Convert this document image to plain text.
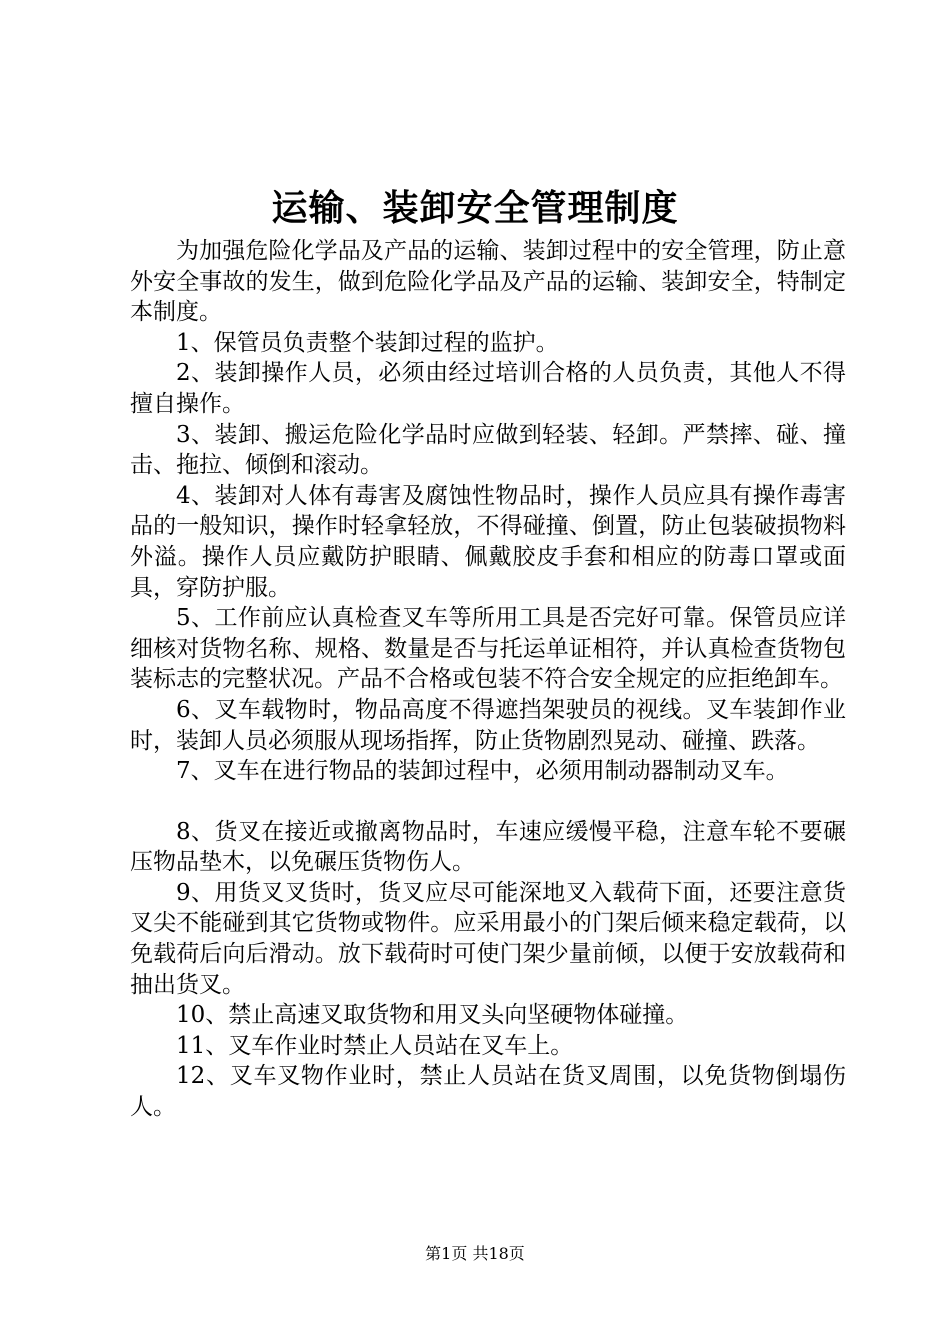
运输、装卸安全管理制度

为加强危险化学品及产品的运输、装卸过程中的安全管理，防止意外安全事故的发生，做到危险化学品及产品的运输、装卸安全，特制定本制度。

1、保管员负责整个装卸过程的监护。

2、装卸操作人员，必须由经过培训合格的人员负责，其他人不得擅自操作。

3、装卸、搬运危险化学品时应做到轻装、轻卸。严禁摔、碰、撞击、拖拉、倾倒和滚动。

4、装卸对人体有毒害及腐蚀性物品时，操作人员应具有操作毒害品的一般知识，操作时轻拿轻放，不得碰撞、倒置，防止包装破损物料外溢。操作人员应戴防护眼睛、佩戴胶皮手套和相应的防毒口罩或面具，穿防护服。

5、工作前应认真检查叉车等所用工具是否完好可靠。保管员应详细核对货物名称、规格、数量是否与托运单证相符，并认真检查货物包装标志的完整状况。产品不合格或包装不符合安全规定的应拒绝卸车。

6、叉车载物时，物品高度不得遮挡架驶员的视线。叉车装卸作业时，装卸人员必须服从现场指挥，防止货物剧烈晃动、碰撞、跌落。

7、叉车在进行物品的装卸过程中，必须用制动器制动叉车。

8、货叉在接近或撤离物品时，车速应缓慢平稳，注意车轮不要碾压物品垫木，以免碾压货物伤人。

9、用货叉叉货时，货叉应尽可能深地叉入载荷下面，还要注意货叉尖不能碰到其它货物或物件。应采用最小的门架后倾来稳定载荷，以免载荷后向后滑动。放下载荷时可使门架少量前倾，以便于安放载荷和抽出货叉。

10、禁止高速叉取货物和用叉头向坚硬物体碰撞。

11、叉车作业时禁止人员站在叉车上。

12、叉车叉物作业时，禁止人员站在货叉周围，以免货物倒塌伤人。

第1页 共18页
